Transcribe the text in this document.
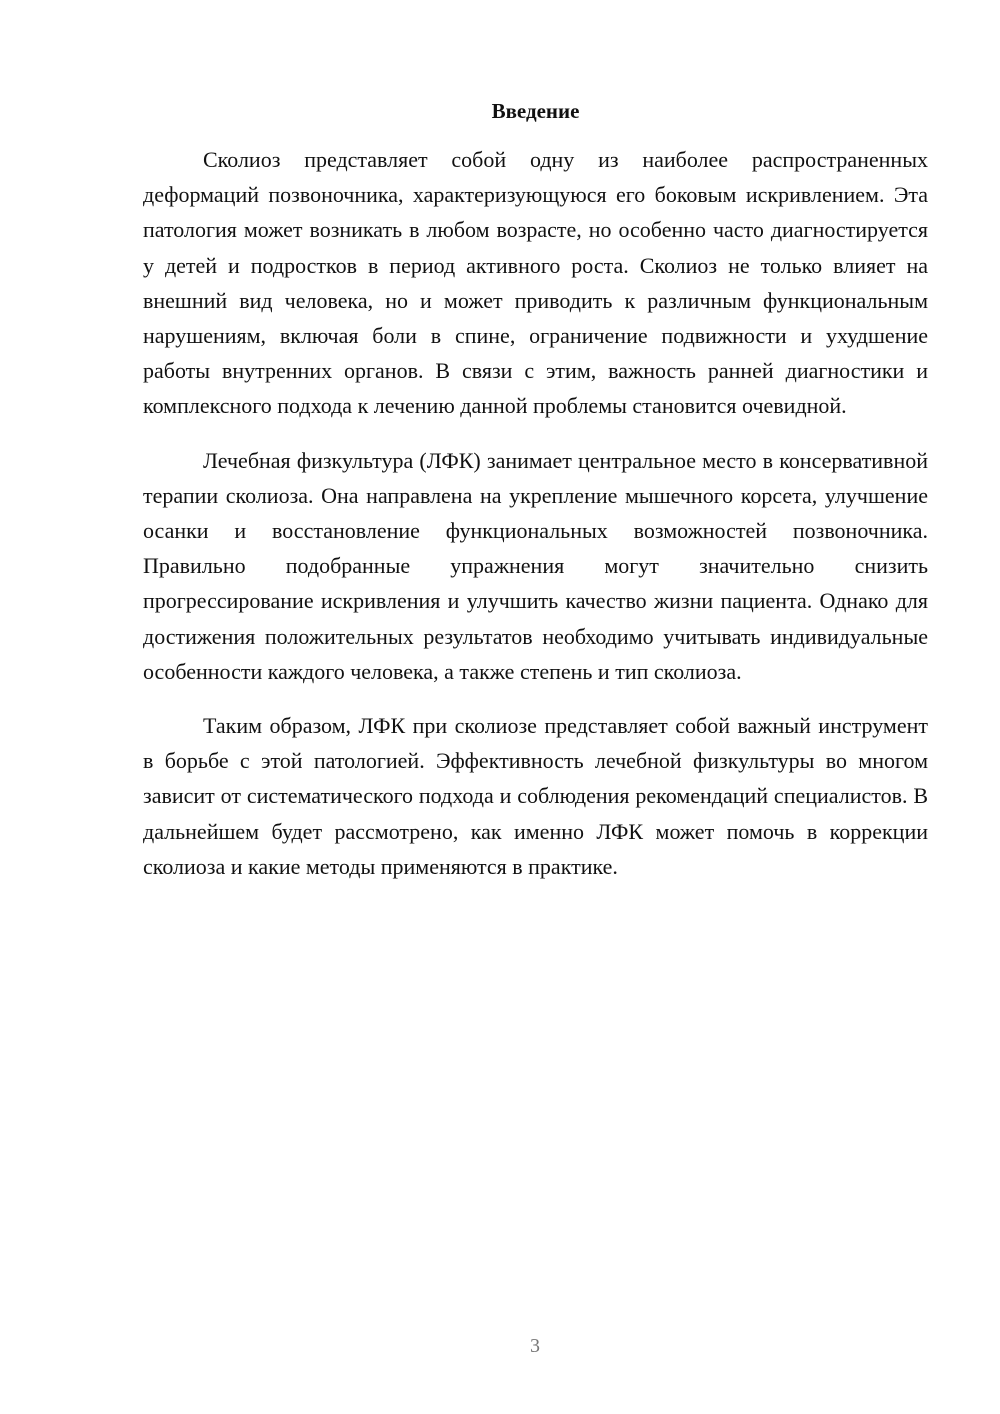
Введение

Сколиоз представляет собой одну из наиболее распространенных деформаций позвоночника, характеризующуюся его боковым искривлением. Эта патология может возникать в любом возрасте, но особенно часто диагностируется у детей и подростков в период активного роста. Сколиоз не только влияет на внешний вид человека, но и может приводить к различным функциональным нарушениям, включая боли в спине, ограничение подвижности и ухудшение работы внутренних органов. В связи с этим, важность ранней диагностики и комплексного подхода к лечению данной проблемы становится очевидной.

Лечебная физкультура (ЛФК) занимает центральное место в консервативной терапии сколиоза. Она направлена на укрепление мышечного корсета, улучшение осанки и восстановление функциональных возможностей позвоночника. Правильно подобранные упражнения могут значительно снизить прогрессирование искривления и улучшить качество жизни пациента. Однако для достижения положительных результатов необходимо учитывать индивидуальные особенности каждого человека, а также степень и тип сколиоза.

Таким образом, ЛФК при сколиозе представляет собой важный инструмент в борьбе с этой патологией. Эффективность лечебной физкультуры во многом зависит от систематического подхода и соблюдения рекомендаций специалистов. В дальнейшем будет рассмотрено, как именно ЛФК может помочь в коррекции сколиоза и какие методы применяются в практике.

3
